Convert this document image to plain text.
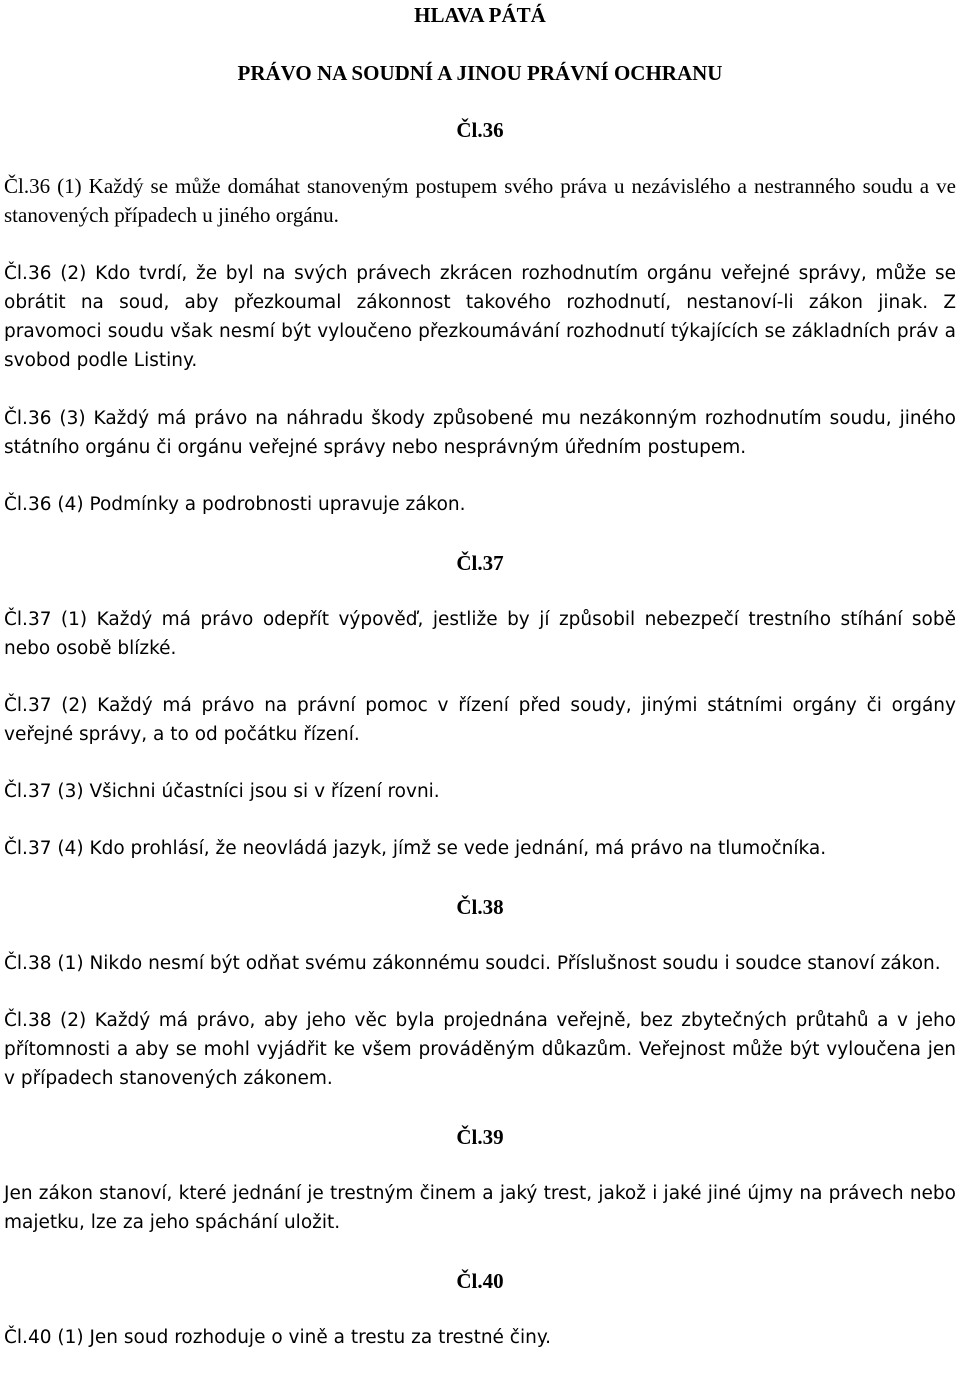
HLAVA PÁTÁ
PRÁVO NA SOUDNÍ A JINOU PRÁVNÍ OCHRANU
Čl.36

Čl.36 (1) Každý se může domáhat stanoveným postupem svého práva u nezávislého a nestranného soudu a ve stanovených případech u jiného orgánu.

Čl.36 (2) Kdo tvrdí, že byl na svých právech zkrácen rozhodnutím orgánu veřejné správy, může se obrátit na soud, aby přezkoumal zákonnost takového rozhodnutí, nestanoví-li zákon jinak. Z pravomoci soudu však nesmí být vyloučeno přezkoumávání rozhodnutí týkajících se základních práv a svobod podle Listiny.

Čl.36 (3) Každý má právo na náhradu škody způsobené mu nezákonným rozhodnutím soudu, jiného státního orgánu či orgánu veřejné správy nebo nesprávným úředním postupem.

Čl.36 (4) Podmínky a podrobnosti upravuje zákon.

Čl.37

Čl.37 (1) Každý má právo odepřít výpověď, jestliže by jí způsobil nebezpečí trestního stíhání sobě nebo osobě blízké.

Čl.37 (2) Každý má právo na právní pomoc v řízení před soudy, jinými státními orgány či orgány veřejné správy, a to od počátku řízení.

Čl.37 (3) Všichni účastníci jsou si v řízení rovni.

Čl.37 (4) Kdo prohlásí, že neovládá jazyk, jímž se vede jednání, má právo na tlumočníka.

Čl.38

Čl.38 (1) Nikdo nesmí být odňat svému zákonnému soudci. Příslušnost soudu i soudce stanoví zákon.

Čl.38 (2) Každý má právo, aby jeho věc byla projednána veřejně, bez zbytečných průtahů a v jeho přítomnosti a aby se mohl vyjádřit ke všem prováděným důkazům. Veřejnost může být vyloučena jen v případech stanovených zákonem.

Čl.39

Jen zákon stanoví, které jednání je trestným činem a jaký trest, jakož i jaké jiné újmy na právech nebo majetku, lze za jeho spáchání uložit.

Čl.40

Čl.40 (1) Jen soud rozhoduje o vině a trestu za trestné činy.
